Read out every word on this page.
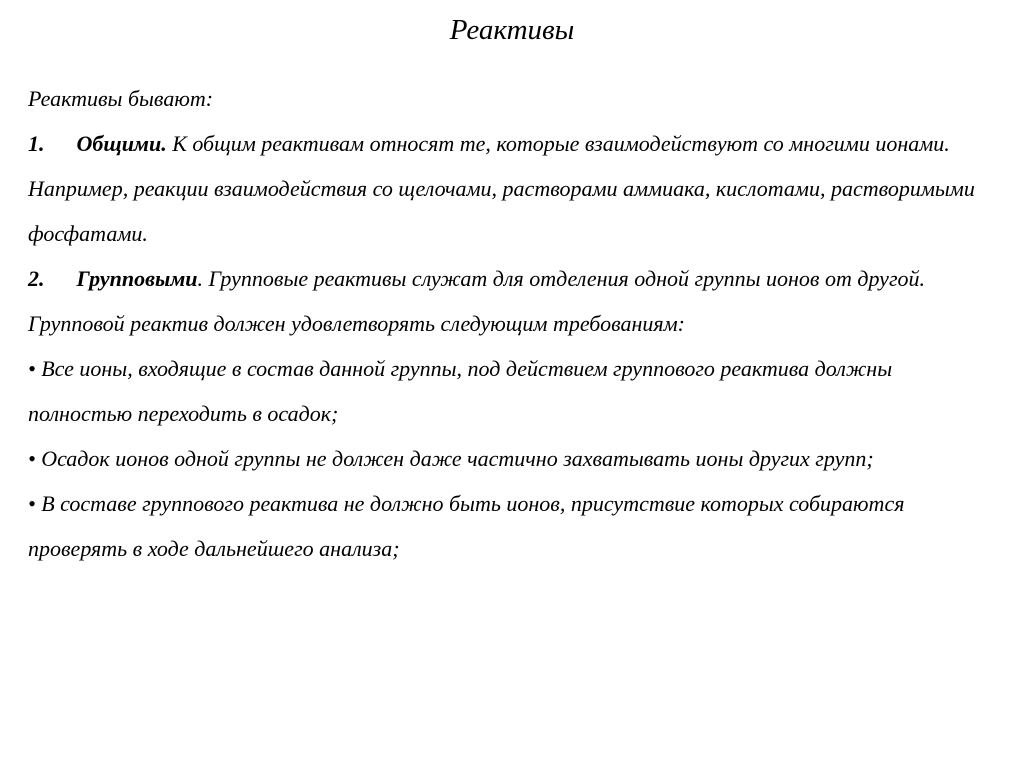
Реактивы

Реактивы бывают:

1. Общими. К общим реактивам относят те, которые взаимодействуют со многими ионами. Например, реакции взаимодействия со щелочами, растворами аммиака, кислотами, растворимыми фосфатами.

2. Групповыми. Групповые реактивы служат для отделения одной группы ионов от другой. Групповой реактив должен удовлетворять следующим требованиям:

• Все ионы, входящие в состав данной группы, под действием группового реактива должны полностью переходить в осадок;

• Осадок ионов одной группы не должен даже частично захватывать ионы других групп;

• В составе группового реактива не должно быть ионов, присутствие которых собираются проверять в ходе дальнейшего анализа;
